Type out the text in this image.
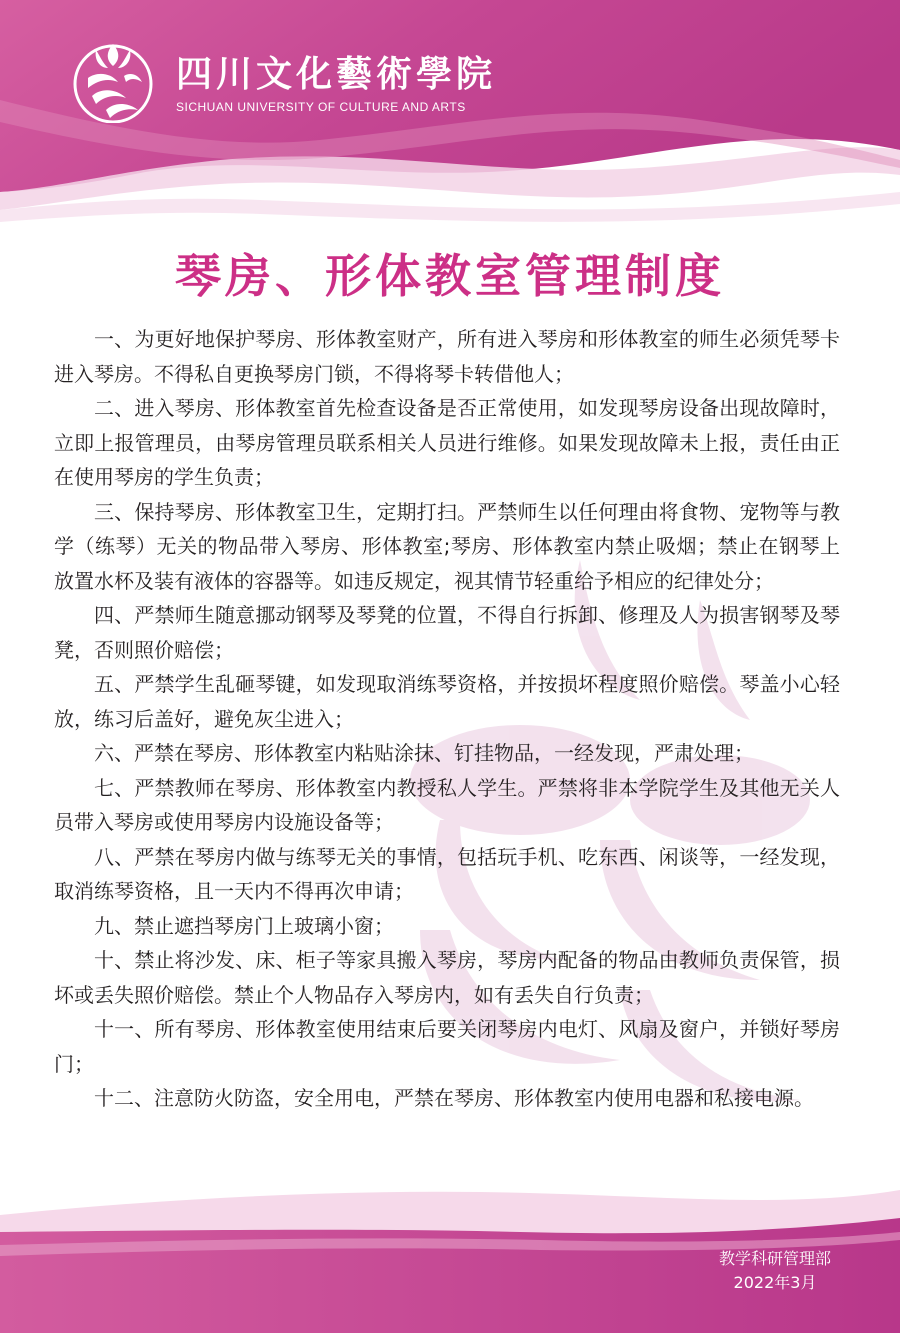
四川文化藝術學院
SICHUAN UNIVERSITY OF CULTURE AND ARTS
琴房、形体教室管理制度

一、为更好地保护琴房、形体教室财产，所有进入琴房和形体教室的师生必须凭琴卡进入琴房。不得私自更换琴房门锁，不得将琴卡转借他人；

二、进入琴房、形体教室首先检查设备是否正常使用，如发现琴房设备出现故障时，立即上报管理员，由琴房管理员联系相关人员进行维修。如果发现故障未上报，责任由正在使用琴房的学生负责；

三、保持琴房、形体教室卫生，定期打扫。严禁师生以任何理由将食物、宠物等与教学（练琴）无关的物品带入琴房、形体教室;琴房、形体教室内禁止吸烟；禁止在钢琴上放置水杯及装有液体的容器等。如违反规定，视其情节轻重给予相应的纪律处分；

四、严禁师生随意挪动钢琴及琴凳的位置，不得自行拆卸、修理及人为损害钢琴及琴凳，否则照价赔偿；

五、严禁学生乱砸琴键，如发现取消练琴资格，并按损坏程度照价赔偿。琴盖小心轻放，练习后盖好，避免灰尘进入；

六、严禁在琴房、形体教室内粘贴涂抹、钉挂物品，一经发现，严肃处理；

七、严禁教师在琴房、形体教室内教授私人学生。严禁将非本学院学生及其他无关人员带入琴房或使用琴房内设施设备等；

八、严禁在琴房内做与练琴无关的事情，包括玩手机、吃东西、闲谈等，一经发现，取消练琴资格，且一天内不得再次申请；

九、禁止遮挡琴房门上玻璃小窗；

十、禁止将沙发、床、柜子等家具搬入琴房，琴房内配备的物品由教师负责保管，损坏或丢失照价赔偿。禁止个人物品存入琴房内，如有丢失自行负责；

十一、所有琴房、形体教室使用结束后要关闭琴房内电灯、风扇及窗户，并锁好琴房门；

十二、注意防火防盗，安全用电，严禁在琴房、形体教室内使用电器和私接电源。

教学科研管理部
2022年3月
